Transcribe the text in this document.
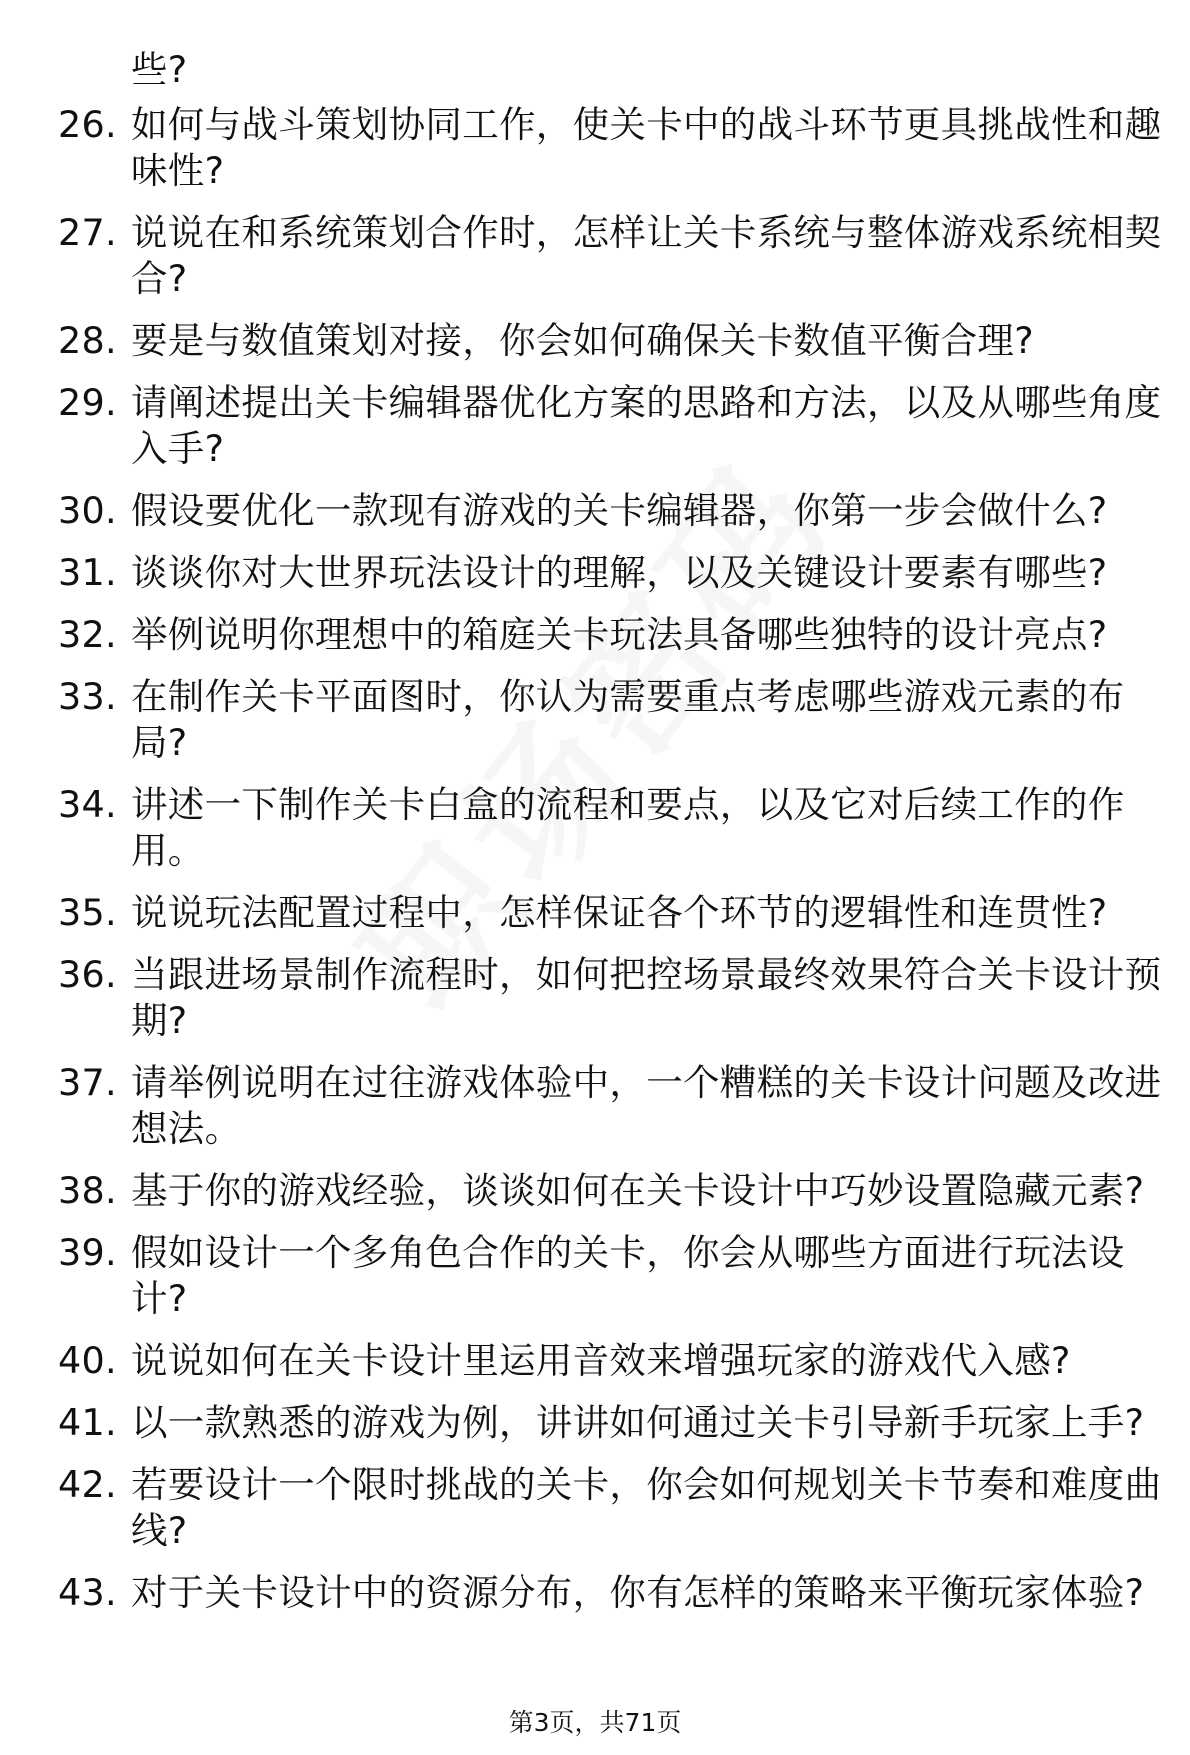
些?
26. 如何与战斗策划协同工作，使关卡中的战斗环节更具挑战性和趣
味性?
27. 说说在和系统策划合作时，怎样让关卡系统与整体游戏系统相契
合?
28. 要是与数值策划对接，你会如何确保关卡数值平衡合理?
29. 请阐述提出关卡编辑器优化方案的思路和方法，以及从哪些角度
入手?
30. 假设要优化一款现有游戏的关卡编辑器，你第一步会做什么?
31. 谈谈你对大世界玩法设计的理解，以及关键设计要素有哪些?
32. 举例说明你理想中的箱庭关卡玩法具备哪些独特的设计亮点?
33. 在制作关卡平面图时，你认为需要重点考虑哪些游戏元素的布
局?
34. 讲述一下制作关卡白盒的流程和要点，以及它对后续工作的作
用。
35. 说说玩法配置过程中，怎样保证各个环节的逻辑性和连贯性?
36. 当跟进场景制作流程时，如何把控场景最终效果符合关卡设计预
期?
37. 请举例说明在过往游戏体验中，一个糟糕的关卡设计问题及改进
想法。
38. 基于你的游戏经验，谈谈如何在关卡设计中巧妙设置隐藏元素?
39. 假如设计一个多角色合作的关卡，你会从哪些方面进行玩法设
计?
40. 说说如何在关卡设计里运用音效来增强玩家的游戏代入感?
41. 以一款熟悉的游戏为例，讲讲如何通过关卡引导新手玩家上手?
42. 若要设计一个限时挑战的关卡，你会如何规划关卡节奏和难度曲
线?
43. 对于关卡设计中的资源分布，你有怎样的策略来平衡玩家体验?
第3页，共71页
